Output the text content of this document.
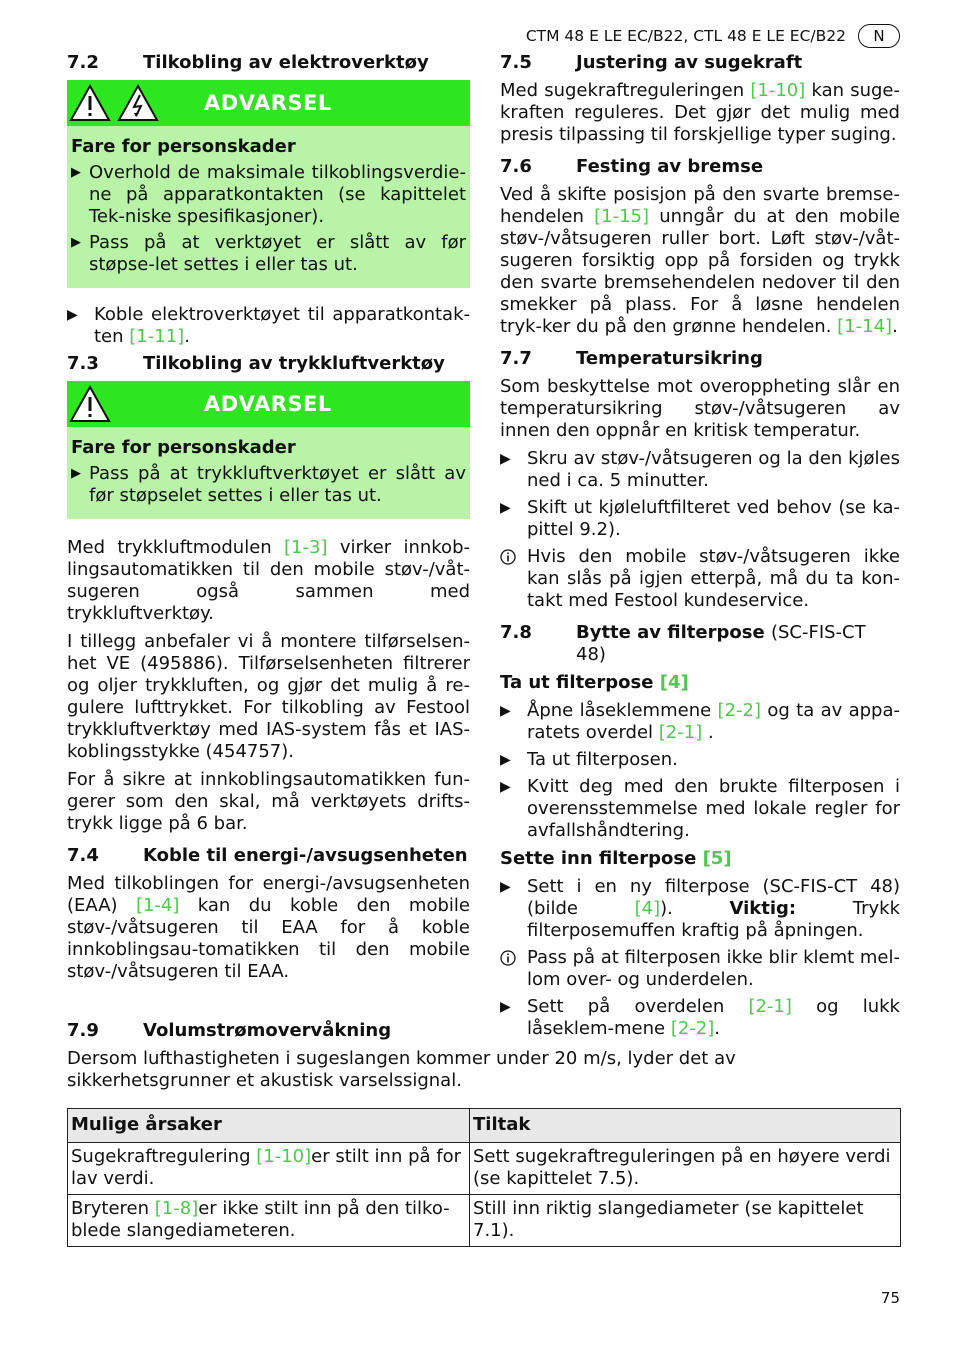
CTM 48 E LE EC/B22, CTL 48 E LE EC/B22	N
7.2	Tilkobling av elektroverktøy
ADVARSEL
Fare for personskader
▶ Overhold de maksimale tilkoblingsverdie-ne på apparatkontakten (se kapittelet Tek-niske spesifikasjoner).
▶ Pass på at verktøyet er slått av før støpse-let settes i eller tas ut.
▶ Koble elektroverktøyet til apparatkontak-ten [1-11].
7.3	Tilkobling av trykkluftverktøy
ADVARSEL
Fare for personskader
▶ Pass på at trykkluftverktøyet er slått av før støpselet settes i eller tas ut.

Med trykkluftmodulen [1-3] virker innkob-lingsautomatikken til den mobile støv-/våt-sugeren også sammen med trykkluftverktøy.

I tillegg anbefaler vi å montere tilførselsen-het VE (495886). Tilførselsenheten filtrerer og oljer trykkluften, og gjør det mulig å re-gulere lufttrykket. For tilkobling av Festool trykkluftverktøy med IAS-system fås et IAS-koblingsstykke (454757).

For å sikre at innkoblingsautomatikken fun-gerer som den skal, må verktøyets drifts-trykk ligge på 6 bar.

7.4	Koble til energi-/avsugsenheten

Med tilkoblingen for energi-/avsugsenheten (EAA) [1-4] kan du koble den mobile støv-/våtsugeren til EAA for å koble innkoblingsau-tomatikken til den mobile støv-/våtsugeren til EAA.

7.5	Justering av sugekraft

Med sugekraftreguleringen [1-10] kan suge-kraften reguleres. Det gjør det mulig med presis tilpassing til forskjellige typer suging.

7.6	Festing av bremse

Ved å skifte posisjon på den svarte bremse-hendelen [1-15] unngår du at den mobile støv-/våtsugeren ruller bort. Løft støv-/våt-sugeren forsiktig opp på forsiden og trykk den svarte bremsehendelen nedover til den smekker på plass. For å løsne hendelen tryk-ker du på den grønne hendelen. [1-14].

7.7	Temperatursikring

Som beskyttelse mot overoppheting slår en temperatursikring støv-/våtsugeren av innen den oppnår en kritisk temperatur.

▶ Skru av støv-/våtsugeren og la den kjøles ned i ca. 5 minutter.
▶ Skift ut kjøleluftfilteret ved behov (se ka-pittel 9.2).
Hvis den mobile støv-/våtsugeren ikke kan slås på igjen etterpå, må du ta kon-takt med Festool kundeservice.
7.8	Bytte av filterpose (SC-FIS-CT 48)
Ta ut filterpose [4]
▶ Åpne låseklemmene [2-2] og ta av appa-ratets overdel [2-1] .
▶ Ta ut filterposen.
▶ Kvitt deg med den brukte filterposen i overensstemmelse med lokale regler for avfallshåndtering.
Sette inn filterpose [5]
▶ Sett i en ny filterpose (SC-FIS-CT 48) (bilde	[4]).	Viktig:	Trykk filterposemuffen kraftig på åpningen.
Pass på at filterposen ikke blir klemt mel-lom over- og underdelen.
▶ Sett på overdelen [2-1] og lukk låseklem-mene [2-2].
7.9	Volumstrømovervåkning

Dersom lufthastigheten i sugeslangen kommer under 20 m/s, lyder det av sikkerhetsgrunner et akustisk varselssignal.

Mulige årsaker	Tiltak
Sugekraftregulering [1-10]er stilt inn på for lav verdi.	Sett sugekraftreguleringen på en høyere verdi (se kapittelet 7.5).
Bryteren [1-8]er ikke stilt inn på den tilko-blede slangediameteren.	Still inn riktig slangediameter (se kapittelet 7.1).
75
